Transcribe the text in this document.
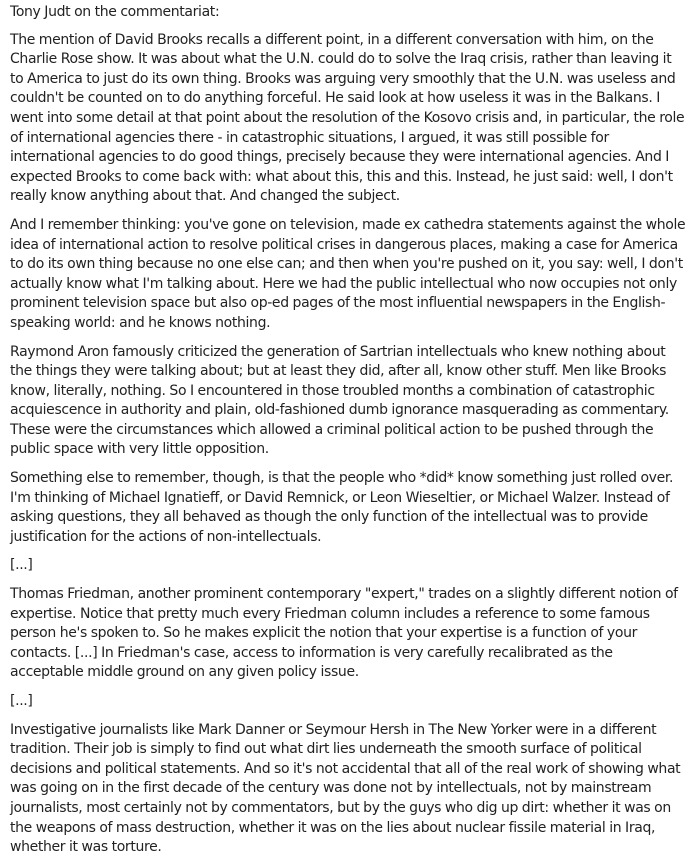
Tony Judt on the commentariat:

The mention of David Brooks recalls a different point, in a different conversation with him, on the Charlie Rose show. It was about what the U.N. could do to solve the Iraq crisis, rather than leaving it to America to just do its own thing. Brooks was arguing very smoothly that the U.N. was useless and couldn't be counted on to do anything forceful. He said look at how useless it was in the Balkans. I went into some detail at that point about the resolution of the Kosovo crisis and, in particular, the role of international agencies there - in catastrophic situations, I argued, it was still possible for international agencies to do good things, precisely because they were international agencies. And I expected Brooks to come back with: what about this, this and this. Instead, he just said: well, I don't really know anything about that. And changed the subject.

And I remember thinking: you've gone on television, made ex cathedra statements against the whole idea of international action to resolve political crises in dangerous places, making a case for America to do its own thing because no one else can; and then when you're pushed on it, you say: well, I don't actually know what I'm talking about. Here we had the public intellectual who now occupies not only prominent television space but also op-ed pages of the most influential newspapers in the English-speaking world: and he knows nothing.

Raymond Aron famously criticized the generation of Sartrian intellectuals who knew nothing about the things they were talking about; but at least they did, after all, know other stuff. Men like Brooks know, literally, nothing. So I encountered in those troubled months a combination of catastrophic acquiescence in authority and plain, old-fashioned dumb ignorance masquerading as commentary. These were the circumstances which allowed a criminal political action to be pushed through the public space with very little opposition.

Something else to remember, though, is that the people who *did* know something just rolled over. I'm thinking of Michael Ignatieff, or David Remnick, or Leon Wieseltier, or Michael Walzer. Instead of asking questions, they all behaved as though the only function of the intellectual was to provide justification for the actions of non-intellectuals.

[...]

Thomas Friedman, another prominent contemporary "expert," trades on a slightly different notion of expertise. Notice that pretty much every Friedman column includes a reference to some famous person he's spoken to. So he makes explicit the notion that your expertise is a function of your contacts. [...] In Friedman's case, access to information is very carefully recalibrated as the acceptable middle ground on any given policy issue.

[...]

Investigative journalists like Mark Danner or Seymour Hersh in The New Yorker were in a different tradition. Their job is simply to find out what dirt lies underneath the smooth surface of political decisions and political statements. And so it's not accidental that all of the real work of showing what was going on in the first decade of the century was done not by intellectuals, not by mainstream journalists, most certainly not by commentators, but by the guys who dig up dirt: whether it was on the weapons of mass destruction, whether it was on the lies about nuclear fissile material in Iraq, whether it was torture.
